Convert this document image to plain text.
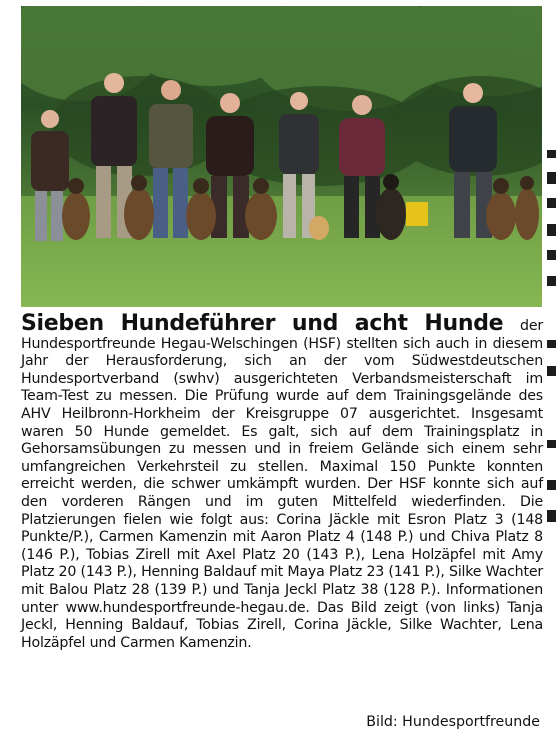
Sieben Hundeführer und acht Hunde der Hundesportfreunde Hegau-Welschingen (HSF) stellten sich auch in diesem Jahr der Herausforderung, sich an der vom Südwestdeutschen Hundesportverband (swhv) ausgerichteten Verbandsmeisterschaft im Team-Test zu messen. Die Prüfung wurde auf dem Trainingsgelände des AHV Heilbronn-Horkheim der Kreisgruppe 07 ausgerichtet. Insgesamt waren 50 Hunde gemeldet. Es galt, sich auf dem Trainingsplatz in Gehorsamsübungen zu messen und in freiem Gelände sich einem sehr umfangreichen Verkehrsteil zu stellen. Maximal 150 Punkte konnten erreicht werden, die schwer umkämpft wurden. Der HSF konnte sich auf den vorderen Rängen und im guten Mittelfeld wiederfinden. Die Platzierungen fielen wie folgt aus: Corina Jäckle mit Esron Platz 3 (148 Punkte/P.), Carmen Kamenzin mit Aaron Platz 4 (148 P.) und Chiva Platz 8 (146 P.), Tobias Zirell mit Axel Platz 20 (143 P.), Lena Holzäpfel mit Amy Platz 20 (143 P.), Henning Baldauf mit Maya Platz 23 (141 P.), Silke Wachter mit Balou Platz 28 (139 P.) und Tanja Jeckl Platz 38 (128 P.). Informationen unter www.hundesportfreunde-hegau.de. Das Bild zeigt (von links) Tanja Jeckl, Henning Baldauf, Tobias Zirell, Corina Jäckle, Silke Wachter, Lena Holzäpfel und Carmen Kamenzin.
Bild: Hundesportfreunde
